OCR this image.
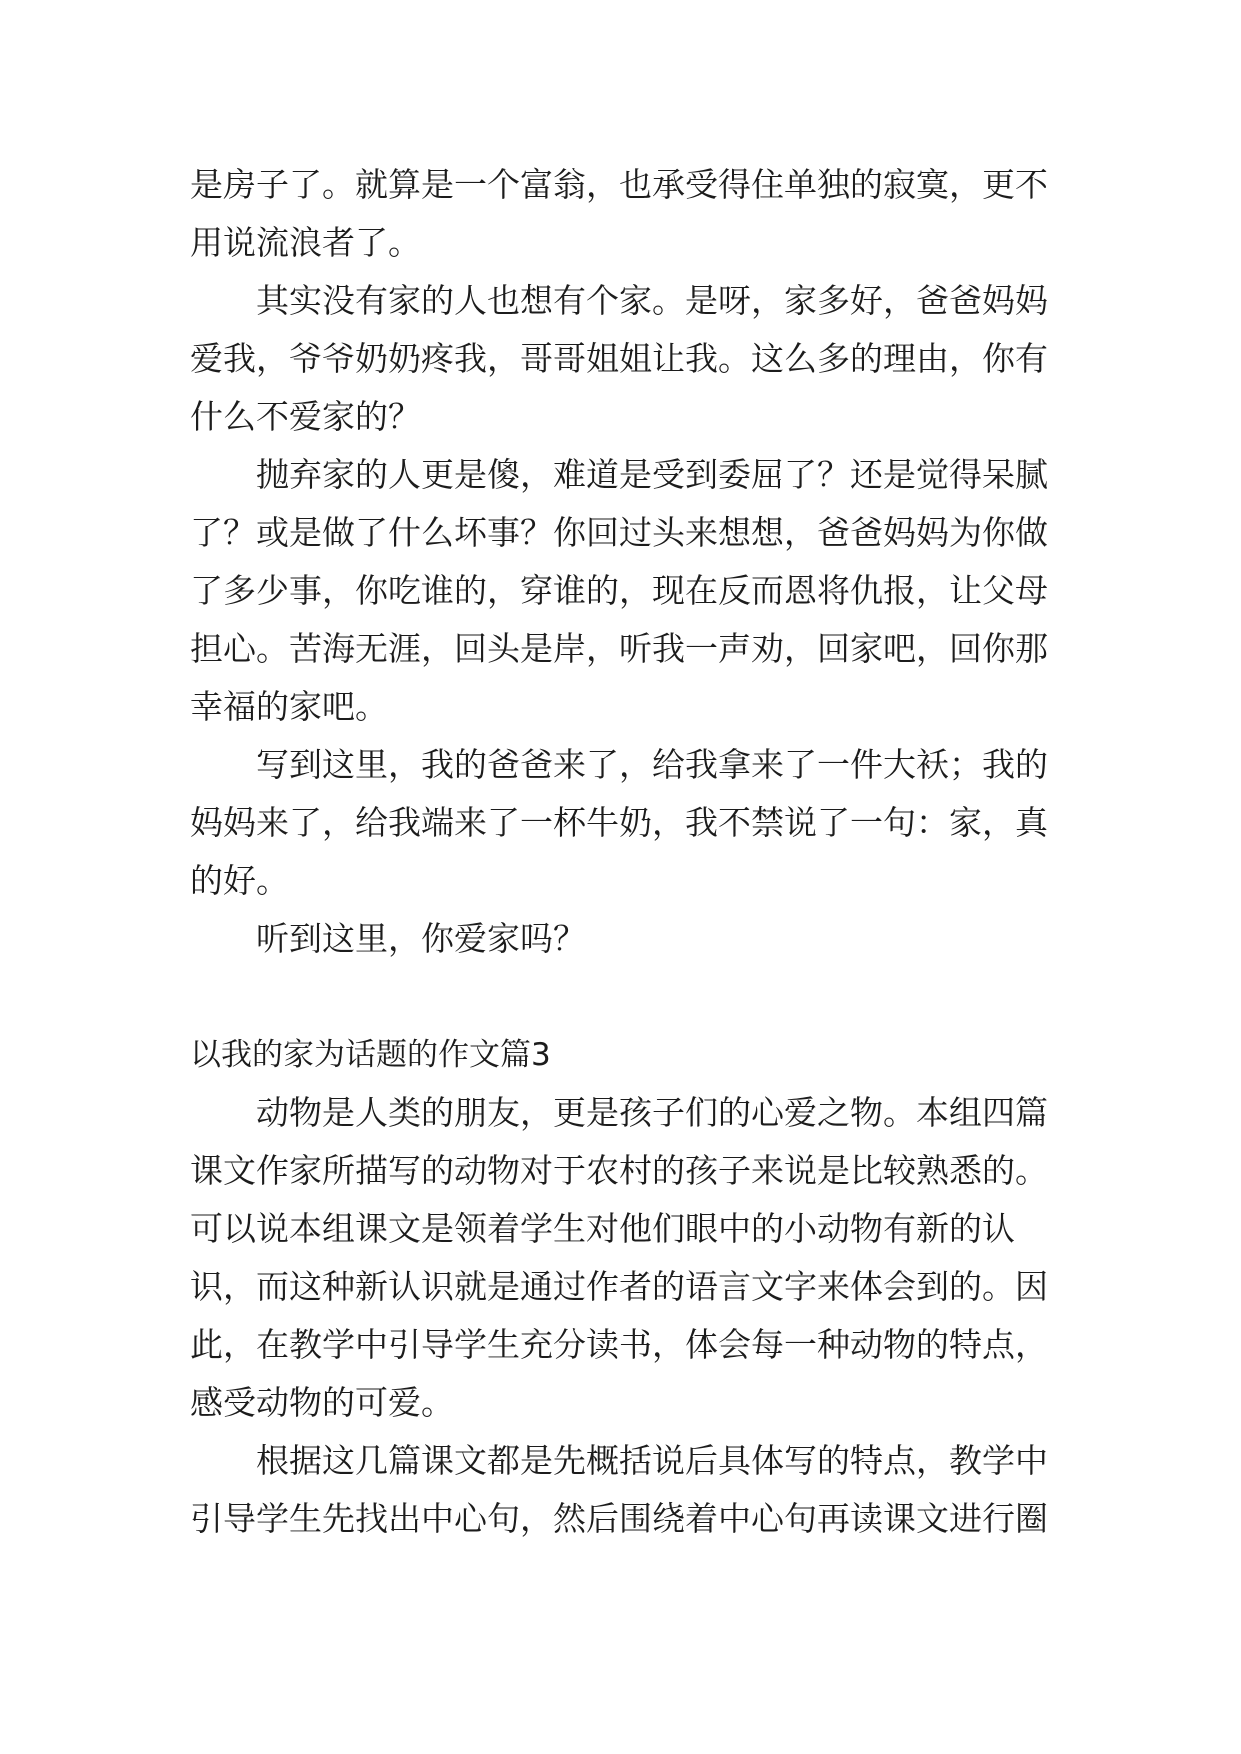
是房子了。就算是一个富翁，也承受得住单独的寂寞，更不
用说流浪者了。
其实没有家的人也想有个家。是呀，家多好，爸爸妈妈
爱我，爷爷奶奶疼我，哥哥姐姐让我。这么多的理由，你有
什么不爱家的？
抛弃家的人更是傻，难道是受到委屈了？还是觉得呆腻
了？或是做了什么坏事？你回过头来想想，爸爸妈妈为你做
了多少事，你吃谁的，穿谁的，现在反而恩将仇报，让父母
担心。苦海无涯，回头是岸，听我一声劝，回家吧，回你那
幸福的家吧。
写到这里，我的爸爸来了，给我拿来了一件大袄；我的
妈妈来了，给我端来了一杯牛奶，我不禁说了一句：家，真
的好。
听到这里，你爱家吗？
以我的家为话题的作文篇3
动物是人类的朋友，更是孩子们的心爱之物。本组四篇
课文作家所描写的动物对于农村的孩子来说是比较熟悉的。
可以说本组课文是领着学生对他们眼中的小动物有新的认
识，而这种新认识就是通过作者的语言文字来体会到的。因
此，在教学中引导学生充分读书，体会每一种动物的特点，
感受动物的可爱。
根据这几篇课文都是先概括说后具体写的特点，教学中
引导学生先找出中心句，然后围绕着中心句再读课文进行圈
